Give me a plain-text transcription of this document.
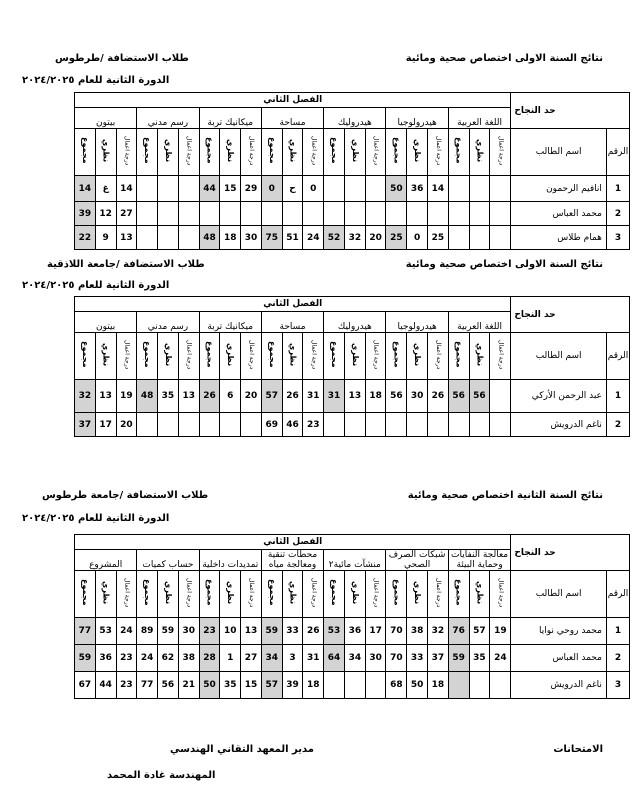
نتائج السنة الاولى اختصاص صحية ومائية
طلاب الاستضافة /طرطوس
الدورة الثانية للعام ٢٠٢٤/٢٠٢٥
نتائج السنة الاولى اختصاص صحية ومائية
طلاب الاستضافة /جامعة اللاذقية
الدورة الثانية للعام ٢٠٢٤/٢٠٢٥
نتائج السنة الثانية اختصاص صحية ومائية
طلاب الاستضافة /جامعة طرطوس
الدورة الثانية للعام ٢٠٢٤/٢٠٢٥
الفصل الثاني																					حد النجاح	
بيتون			رسم مدني			ميكانيك تربة			مساحة			هيدروليك			هيدرولوجيا			اللغة العربية				
مجموع	نظري	درجة اعمال	مجموع	نظري	درجة اعمال	مجموع	نظري	درجة اعمال	مجموع	نظري	درجة اعمال	مجموع	نظري	درجة اعمال	مجموع	نظري	درجة اعمال	مجموع	نظري	درجة اعمال	اسم الطالب	الرقم
14	غ	14				44	15	29	0	ح	0				50	36	14				انافيم الرحمون	1
39	12	27																			محمد العباس	2
22	9	13				48	18	30	75	51	24	52	32	20	25	0	25				همام طلاس	3
الفصل الثاني																					حد النجاح	
بيتون			رسم مدني			ميكانيك تربة			مساحة			هيدروليك			هيدرولوجيا			اللغة العربية				
مجموع	نظري	درجة اعمال	مجموع	نظري	درجة اعمال	مجموع	نظري	درجة اعمال	مجموع	نظري	درجة اعمال	مجموع	نظري	درجة اعمال	مجموع	نظري	درجة اعمال	مجموع	نظري	درجة اعمال	اسم الطالب	الرقم
32	13	19	48	35	13	26	6	20	57	26	31	31	13	18	56	30	26	56	56		عبد الرحمن الأركي	1
37	17	20							69	46	23										ناغم الدرويش	2
الفصل الثاني																					حد النجاح	
المشروع			حساب كميات			تمديدات داخلية			محطات تنقية ومعالجة مياه			منشآت مائية٢			شبكات الصرف الصحي			معالجة النفايات وحماية البيئة				
مجموع	نظري	درجة اعمال	مجموع	نظري	درجة اعمال	مجموع	نظري	درجة اعمال	مجموع	نظري	درجة اعمال	مجموع	نظري	درجة اعمال	مجموع	نظري	درجة اعمال	مجموع	نظري	درجة اعمال	اسم الطالب	الرقم
77	53	24	89	59	30	23	10	13	59	33	26	53	36	17	70	38	32	76	57	19	محمد روحي نوايا	1
59	36	23	24	62	38	28	1	27	34	3	31	64	34	30	70	33	37	59	35	24	محمد العباس	2
67	44	23	77	56	21	50	35	15	57	39	18				68	50	18				ناغم الدرويش	3
الامتحانات
مدير المعهد التقاني الهندسي
المهندسة غادة المحمد
